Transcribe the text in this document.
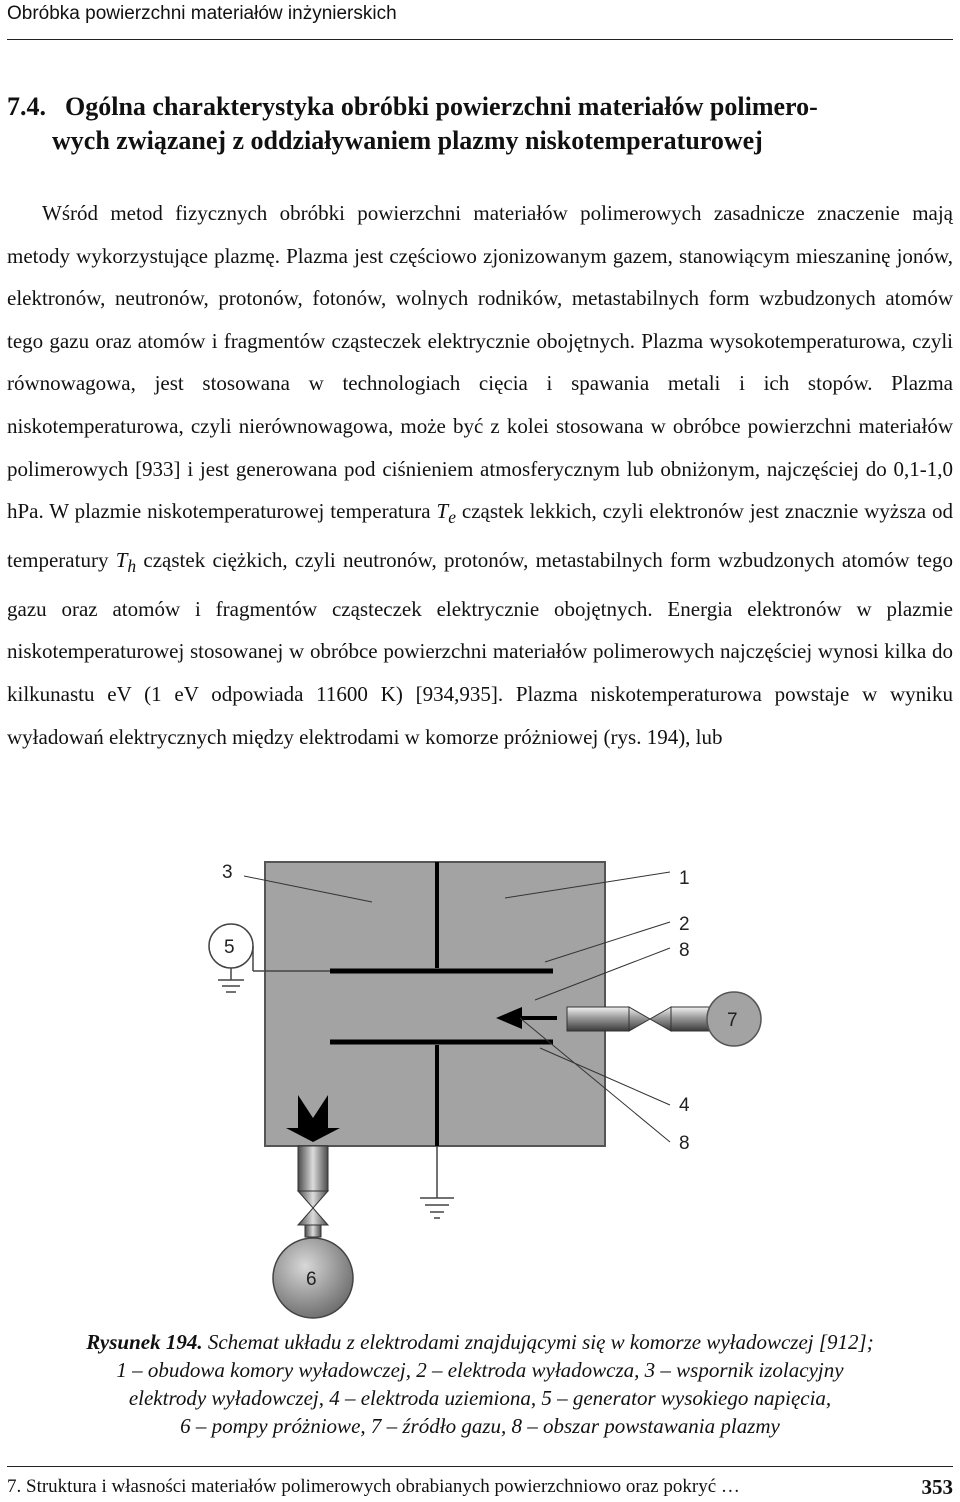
Obróbka powierzchni materiałów inżynierskich
7.4. Ogólna charakterystyka obróbki powierzchni materiałów polimero-
wych związanej z oddziaływaniem plazmy niskotemperaturowej

Wśród metod fizycznych obróbki powierzchni materiałów polimerowych zasadnicze znaczenie mają metody wykorzystujące plazmę. Plazma jest częściowo zjonizowanym gazem, stanowiącym mieszaninę jonów, elektronów, neutronów, protonów, fotonów, wolnych rodników, metastabilnych form wzbudzonych atomów tego gazu oraz atomów i fragmentów cząsteczek elektrycznie obojętnych. Plazma wysokotemperaturowa, czyli równowagowa, jest stosowana w technologiach cięcia i spawania metali i ich stopów. Plazma niskotemperaturowa, czyli nierównowagowa, może być z kolei stosowana w obróbce powierzchni materiałów polimerowych [933] i jest generowana pod ciśnieniem atmosferycznym lub obniżonym, najczęściej do 0,1-1,0 hPa. W plazmie niskotemperaturowej temperatura $T_e$ cząstek lekkich, czyli elektronów jest znacznie wyższa od temperatury $T_h$ cząstek ciężkich, czyli neutronów, protonów, metastabilnych form wzbudzonych atomów tego gazu oraz atomów i fragmentów cząsteczek elektrycznie obojętnych. Energia elektronów w plazmie niskotemperaturowej stosowanej w obróbce powierzchni materiałów polimerowych najczęściej wynosi kilka do kilkunastu eV (1 eV odpowiada 11600 K) [934,935]. Plazma niskotemperaturowa powstaje w wyniku wyładowań elektrycznych między elektrodami w komorze próżniowej (rys. 194), lub

7
6
5
3	1
2
8
4
8

Rysunek 194. Schemat układu z elektrodami znajdującymi się w komorze wyładowczej [912];
1 – obudowa komory wyładowczej, 2 – elektroda wyładowcza, 3 – wspornik izolacyjny
elektrody wyładowczej, 4 – elektroda uziemiona, 5 – generator wysokiego napięcia,
6 – pompy próżniowe, 7 – źródło gazu, 8 – obszar powstawania plazmy

7. Struktura i własności materiałów polimerowych obrabianych powierzchniowo oraz pokryć …	353
